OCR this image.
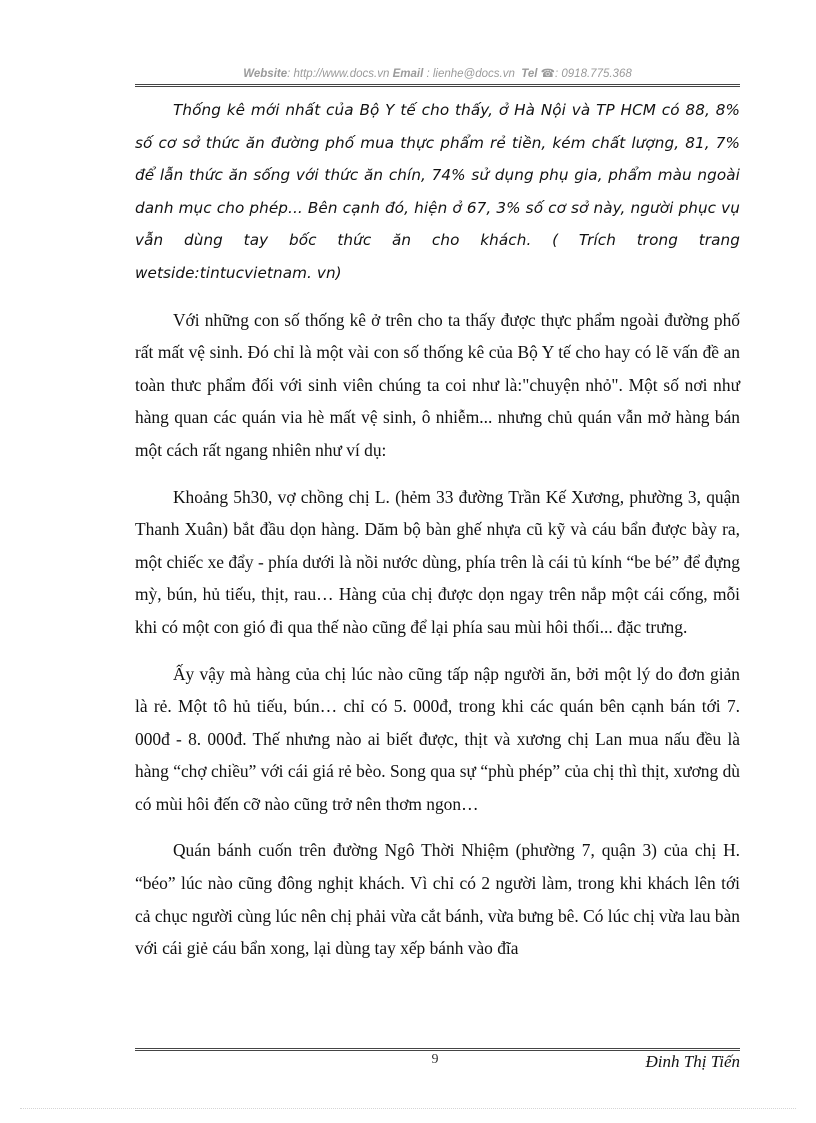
Website: http://www.docs.vn Email : lienhe@docs.vn Tel ☎: 0918.775.368

Thống kê mới nhất của Bộ Y tế cho thấy, ở Hà Nội và TP HCM có 88, 8% số cơ sở thức ăn đường phố mua thực phẩm rẻ tiền, kém chất lượng, 81, 7% để lẫn thức ăn sống với thức ăn chín, 74% sử dụng phụ gia, phẩm màu ngoài danh mục cho phép... Bên cạnh đó, hiện ở 67, 3% số cơ sở này, người phục vụ vẫn dùng tay bốc thức ăn cho khách. ( Trích trong trang wetside:tintucvietnam. vn)

Với những con số thống kê ở trên cho ta thấy được thực phẩm ngoài đường phố rất mất vệ sinh. Đó chỉ là một vài con số thống kê của Bộ Y tế cho hay có lẽ vấn đề an toàn thưc phẩm đối với sinh viên chúng ta coi như là:"chuyện nhỏ". Một số nơi như hàng quan các quán via hè mất vệ sinh, ô nhiễm... nhưng chủ quán vẫn mở hàng bán một cách rất ngang nhiên như ví dụ:

Khoảng 5h30, vợ chồng chị L. (hẻm 33 đường Trần Kế Xương, phường 3, quận Thanh Xuân) bắt đầu dọn hàng. Dăm bộ bàn ghế nhựa cũ kỹ và cáu bẩn được bày ra, một chiếc xe đẩy - phía dưới là nồi nước dùng, phía trên là cái tủ kính “be bé” để đựng mỳ, bún, hủ tiếu, thịt, rau… Hàng của chị được dọn ngay trên nắp một cái cống, mỗi khi có một con gió đi qua thế nào cũng để lại phía sau mùi hôi thối... đặc trưng.

Ấy vậy mà hàng của chị lúc nào cũng tấp nập người ăn, bởi một lý do đơn giản là rẻ. Một tô hủ tiếu, bún… chỉ có 5. 000đ, trong khi các quán bên cạnh bán tới 7. 000đ - 8. 000đ. Thế nhưng nào ai biết được, thịt và xương chị Lan mua nấu đều là hàng “chợ chiều” với cái giá rẻ bèo. Song qua sự “phù phép” của chị thì thịt, xương dù có mùi hôi đến cỡ nào cũng trở nên thơm ngon…

Quán bánh cuốn trên đường Ngô Thời Nhiệm (phường 7, quận 3) của chị H. “béo” lúc nào cũng đông nghịt khách. Vì chỉ có 2 người làm, trong khi khách lên tới cả chục người cùng lúc nên chị phải vừa cắt bánh, vừa bưng bê. Có lúc chị vừa lau bàn với cái giẻ cáu bẩn xong, lại dùng tay xếp bánh vào đĩa

9	Đinh Thị Tiến
